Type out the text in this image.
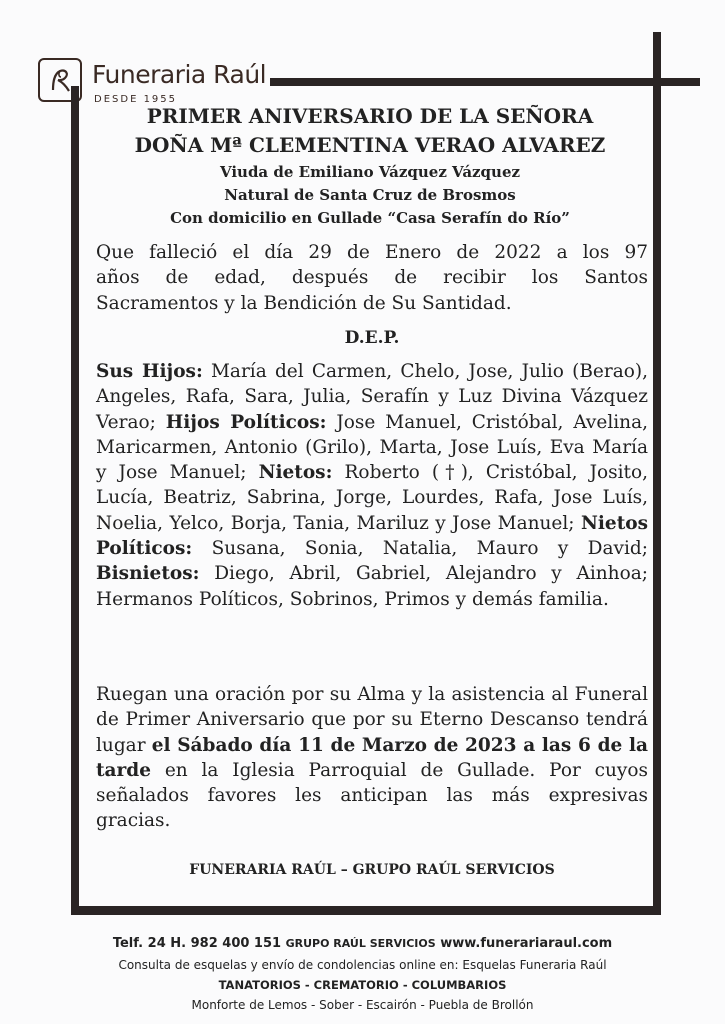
Funeraria Raúl
DESDE 1955
PRIMER ANIVERSARIO DE LA SEÑORA
DOÑA Mª CLEMENTINA VERAO ALVAREZ
Viuda de Emiliano Vázquez Vázquez
Natural de Santa Cruz de Brosmos
Con domicilio en Gullade “Casa Serafín do Río”
Que falleció el día 29 de Enero de 2022 a los 97
años de edad, después de recibir los Santos
Sacramentos y la Bendición de Su Santidad.
D.E.P.
Sus Hijos: María del Carmen, Chelo, Jose, Julio (Berao), Angeles, Rafa, Sara, Julia, Serafín y Luz Divina Vázquez Verao; Hijos Políticos: Jose Manuel, Cristóbal, Avelina, Maricarmen, Antonio (Grilo), Marta, Jose Luís, Eva María y Jose Manuel; Nietos: Roberto (†), Cristóbal, Josito, Lucía, Beatriz, Sabrina, Jorge, Lourdes, Rafa, Jose Luís, Noelia, Yelco, Borja, Tania, Mariluz y Jose Manuel; Nietos Políticos: Susana, Sonia, Natalia, Mauro y David; Bisnietos: Diego, Abril, Gabriel, Alejandro y Ainhoa; Hermanos Políticos, Sobrinos, Primos y demás familia.
Ruegan una oración por su Alma y la asistencia al Funeral de Primer Aniversario que por su Eterno Descanso tendrá lugar el Sábado día 11 de Marzo de 2023 a las 6 de la tarde en la Iglesia Parroquial de Gullade. Por cuyos señalados favores les anticipan las más expresivas gracias.
FUNERARIA RAÚL – GRUPO RAÚL SERVICIOS
Telf. 24 H. 982 400 151 GRUPO RAÚL SERVICIOS www.funerariaraul.com
Consulta de esquelas y envío de condolencias online en: Esquelas Funeraria Raúl
TANATORIOS - CREMATORIO - COLUMBARIOS
Monforte de Lemos - Sober - Escairón - Puebla de Brollón
